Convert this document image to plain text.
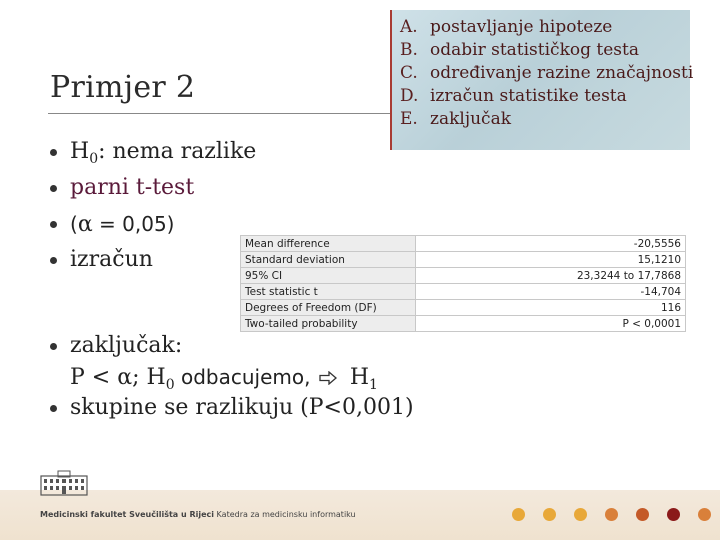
Primjer 2
A. postavljanje hipoteze
B. odabir statističkog testa
C. određivanje razine značajnosti
D. izračun statistike testa
E. zaključak
$H_0$: nema razlike
parni t-test
(α = 0,05)
izračun
Mean difference	-20,5556
Standard deviation	15,1210
95% CI	23,3244 to 17,7868
Test statistic t	-14,704
Degrees of Freedom (DF)	116
Two-tailed probability	P < 0,0001
zaključak:
P < α; $H_0$ odbacujemo,  $H_1$
skupine se razlikuju (P<0,001)
Medicinski fakultet Sveučilišta u Rijeci Katedra za medicinsku informatiku
